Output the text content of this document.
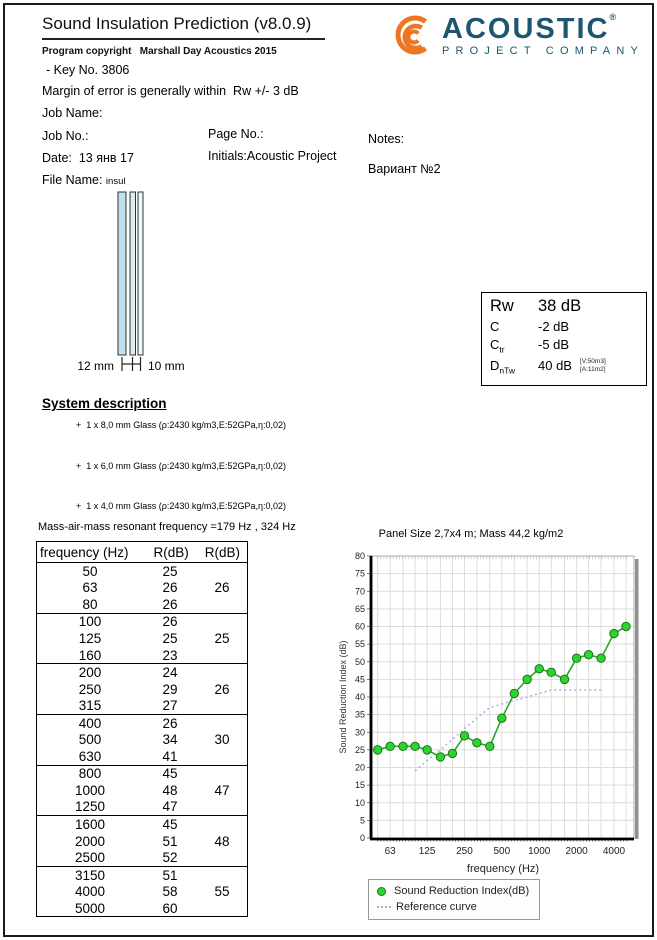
Sound Insulation Prediction (v8.0.9)
Program copyright   Marshall Day Acoustics 2015
- Key No. 3806
Margin of error is generally within  Rw +/- 3 dB
ACOUSTIC®
PROJECT COMPANY
Job Name:
Job No.:	Page No.:	Notes:
Date: 13 янв 17	Initials:Acoustic Project
Вариант №2
File Name: insul
12 mm	10 mm
Rw	38 dB
C	-2 dB
$C_{tr}$	-5 dB
$D_{nTw}$	40 dB [V:50m3]
[A:11m2]
System description
+ 1 x 8,0 mm Glass (ρ:2430 kg/m3,E:52GPa,η:0,02)
+ 1 x 6,0 mm Glass (ρ:2430 kg/m3,E:52GPa,η:0,02)
+ 1 x 4,0 mm Glass (ρ:2430 kg/m3,E:52GPa,η:0,02)
Mass-air-mass resonant frequency =179 Hz , 324 Hz
frequency (Hz)	R(dB)	R(dB)
50	25
63	26	26
80	26
100	26
125	25	25
160	23
200	24
250	29	26
315	27
400	26
500	34	30
630	41
800	45
1000	48	47
1250	47
1600	45
2000	51	48
2500	52
3150	51
4000	58	55
5000	60
Panel Size 2,7x4 m; Mass 44,2 kg/m2
0
5
10
15
20
25
30
35
40
45
50
55
60
65
70
75
80
63 125 250 500 1000 2000 4000
Sound Reduction Index (dB)
frequency (Hz)
Sound Reduction Index(dB)
Reference curve
